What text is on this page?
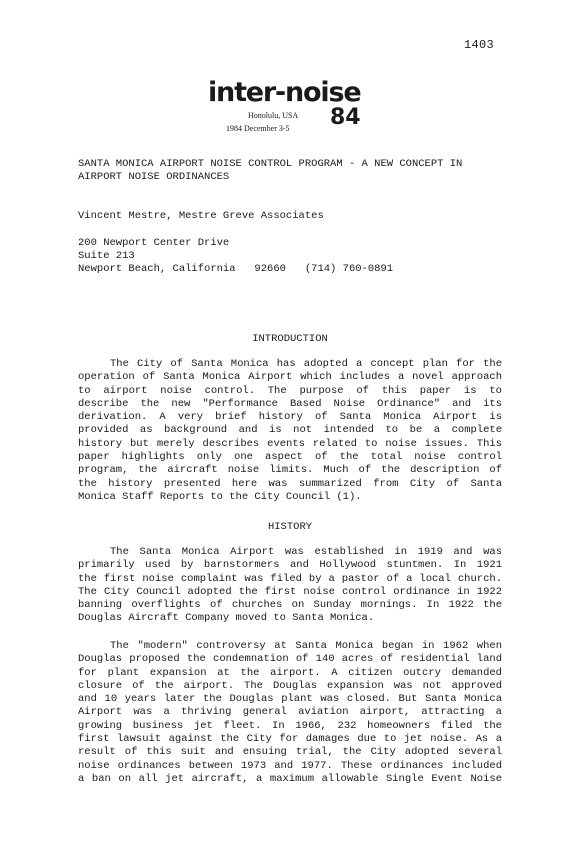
1403
inter-noise
Honolulu, USA
1984 December 3-5 84
SANTA MONICA AIRPORT NOISE CONTROL PROGRAM - A NEW CONCEPT IN
AIRPORT NOISE ORDINANCES
Vincent Mestre, Mestre Greve Associates
200 Newport Center Drive
Suite 213
Newport Beach, California   92660   (714) 760-0891
INTRODUCTION
The City of Santa Monica has adopted a concept plan for the
operation of Santa Monica Airport which includes a novel approach
to airport noise control. The purpose of this paper is to
describe the new "Performance Based Noise Ordinance" and its
derivation. A very brief history of Santa Monica Airport is
provided as background and is not intended to be a complete
history but merely describes events related to noise issues. This
paper highlights only one aspect of the total noise control
program, the aircraft noise limits. Much of the description of
the history presented here was summarized from City of Santa
Monica Staff Reports to the City Council (1).
HISTORY
The Santa Monica Airport was established in 1919 and was
primarily used by barnstormers and Hollywood stuntmen. In 1921
the first noise complaint was filed by a pastor of a local church.
The City Council adopted the first noise control ordinance in 1922
banning overflights of churches on Sunday mornings. In 1922 the
Douglas Aircraft Company moved to Santa Monica.
The "modern" controversy at Santa Monica began in 1962 when
Douglas proposed the condemnation of 140 acres of residential land
for plant expansion at the airport. A citizen outcry demanded
closure of the airport. The Douglas expansion was not approved
and 10 years later the Douglas plant was closed. But Santa Monica
Airport was a thriving general aviation airport, attracting a
growing business jet fleet. In 1966, 232 homeowners filed the
first lawsuit against the City for damages due to jet noise. As a
result of this suit and ensuing trial, the City adopted several
noise ordinances between 1973 and 1977. These ordinances included
a ban on all jet aircraft, a maximum allowable Single Event Noise
